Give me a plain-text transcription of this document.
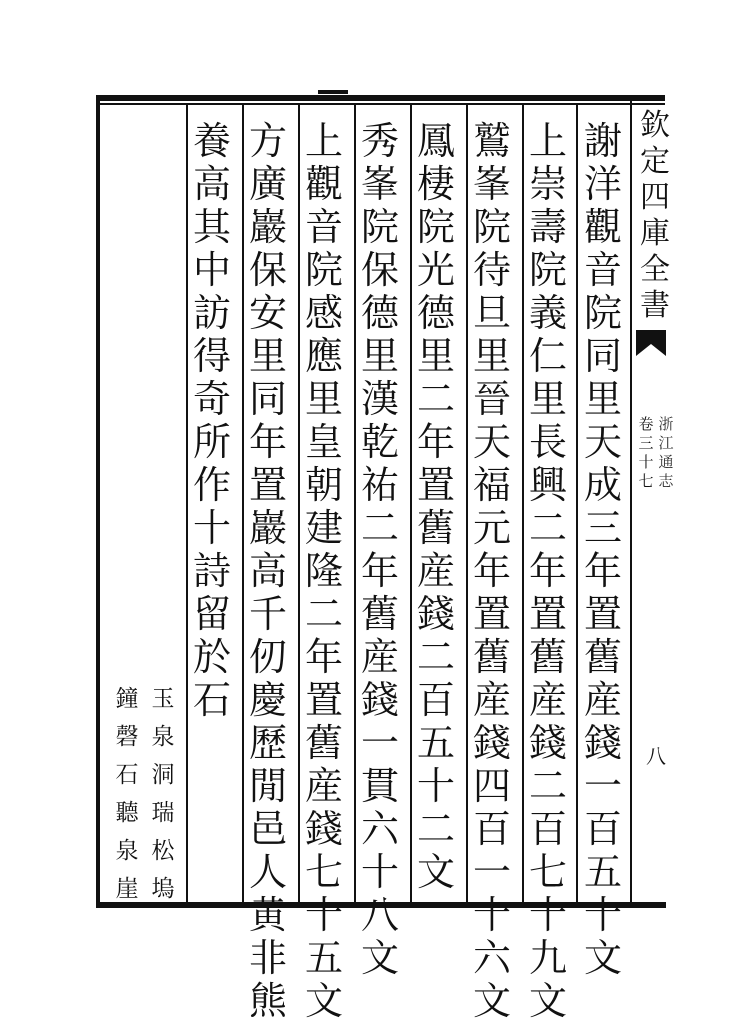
欽
定
四
庫
全
書
浙
江
通
志
卷
三
十
七
八
謝
洋
觀
音
院
同
里
天
成
三
年
置
舊
産
錢
一
百
五
十
文
上
崇
壽
院
義
仁
里
長
興
二
年
置
舊
産
錢
二
百
七
十
九
文
鷲
峯
院
待
旦
里
晉
天
福
元
年
置
舊
産
錢
四
百
一
十
六
文
鳳
棲
院
光
德
里
二
年
置
舊
産
錢
二
百
五
十
二
文
秀
峯
院
保
德
里
漢
乾
祐
二
年
舊
産
錢
一
貫
六
十
八
文
上
觀
音
院
感
應
里
皇
朝
建
隆
二
年
置
舊
産
錢
七
十
五
文
方
廣
巖
保
安
里
同
年
置
巖
高
千
仞
慶
歷
閒
邑
人
黄
非
熊
養
高
其
中
訪
得
奇
所
作
十
詩
留
於
石
玉
泉
洞
瑞
松
塢
鐘
磬
石
聽
泉
崖
